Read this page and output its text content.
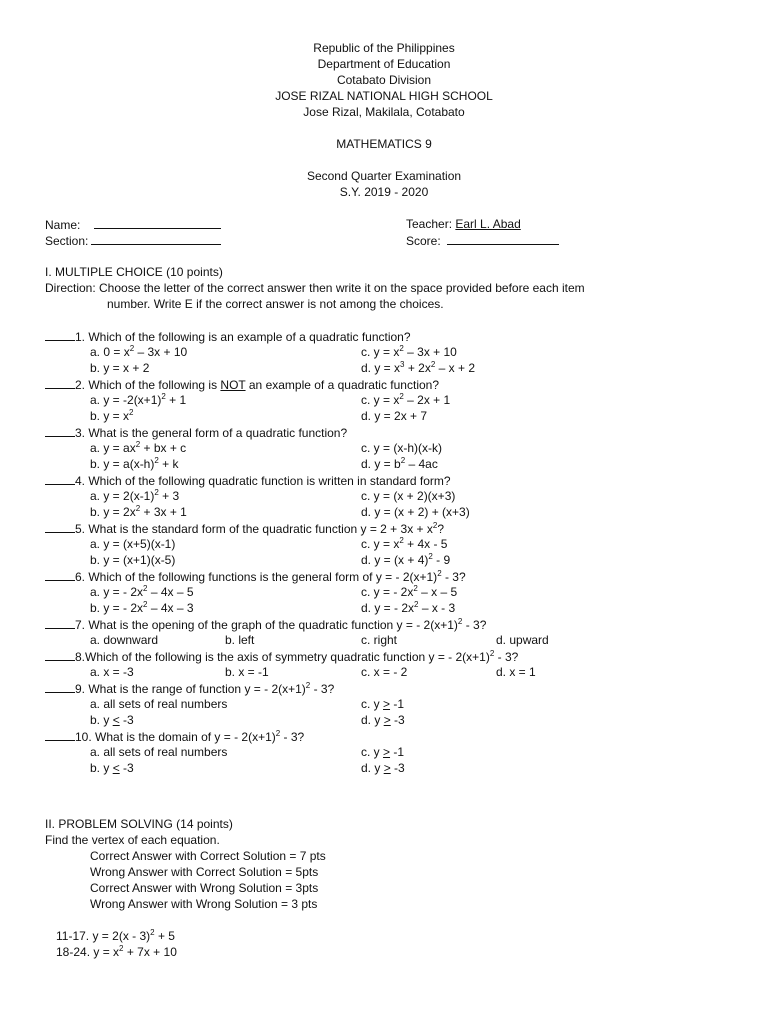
Republic of the Philippines
Department of Education
Cotabato Division
JOSE RIZAL NATIONAL HIGH SCHOOL
Jose Rizal, Makilala, Cotabato
MATHEMATICS 9
Second Quarter Examination
S.Y. 2019 - 2020
Name:	Teacher: Earl L. Abad
Section:	Score:
I. MULTIPLE CHOICE (10 points)
Direction: Choose the letter of the correct answer then write it on the space provided before each item
number. Write E if the correct answer is not among the choices.
1. Which of the following is an example of a quadratic function?
a. $0 = x^2 - 3x + 10$	c. $y = x^2 - 3x + 10$
b. y = x + 2	d. $y = x^3 + 2x^2 - x + 2$
2. Which of the following is NOT an example of a quadratic function?
a. $y = -2(x+1)^2 + 1$	c. $y = x^2 - 2x + 1$
b. $y = x^2$	d. y = 2x + 7
3. What is the general form of a quadratic function?
a. $y = ax^2$ + bx + c	c. y = (x-h)(x-k)
b. $y = a(x-h)^2 + k$	d. $y = b^2 - 4ac$
4. Which of the following quadratic function is written in standard form?
a. $y = 2(x-1)^2 + 3$	c. y = (x + 2)(x+3)
b. $y = 2x^2 + 3x + 1$	d. y = (x + 2) + (x+3)
5. What is the standard form of the quadratic function $y = 2 + 3x + x^2$?
a. y = (x+5)(x-1)	c. $y = x^2 + 4x - 5$
b. y = (x+1)(x-5)	d. $y = (x + 4)^2 - 9$
6. Which of the following functions is the general form of y = - $2(x+1)^2 - 3$?
a. y = - $2x^2 - 4x - 5$	c. y = - $2x^2$ – x – 5
b. y = - $2x^2 - 4x - 3$	d. y = - $2x^2$ – x - 3
7. What is the opening of the graph of the quadratic function y = - $2(x+1)^2 - 3$?
a. downward	b. left	c. right	d. upward
8.Which of the following is the axis of symmetry quadratic function y = - $2(x+1)^2 - 3$?
a. x = -3	b. x = -1	c. x = - 2	d. x = 1
9. What is the range of function y = - $2(x+1)^2 - 3$?
a. all sets of real numbers	c. y > -1
b. y < -3	d. y > -3
10. What is the domain of y = - $2(x+1)^2 - 3$?
a. all sets of real numbers	c. y > -1
b. y < -3	d. y > -3
II. PROBLEM SOLVING (14 points)
Find the vertex of each equation.
Correct Answer with Correct Solution = 7 pts
Wrong Answer with Correct Solution = 5pts
Correct Answer with Wrong Solution = 3pts
Wrong Answer with Wrong Solution = 3 pts
11-17. y = 2(x - 3)$^2$ + 5
18-24. $y = x^2 + 7x + 10$
